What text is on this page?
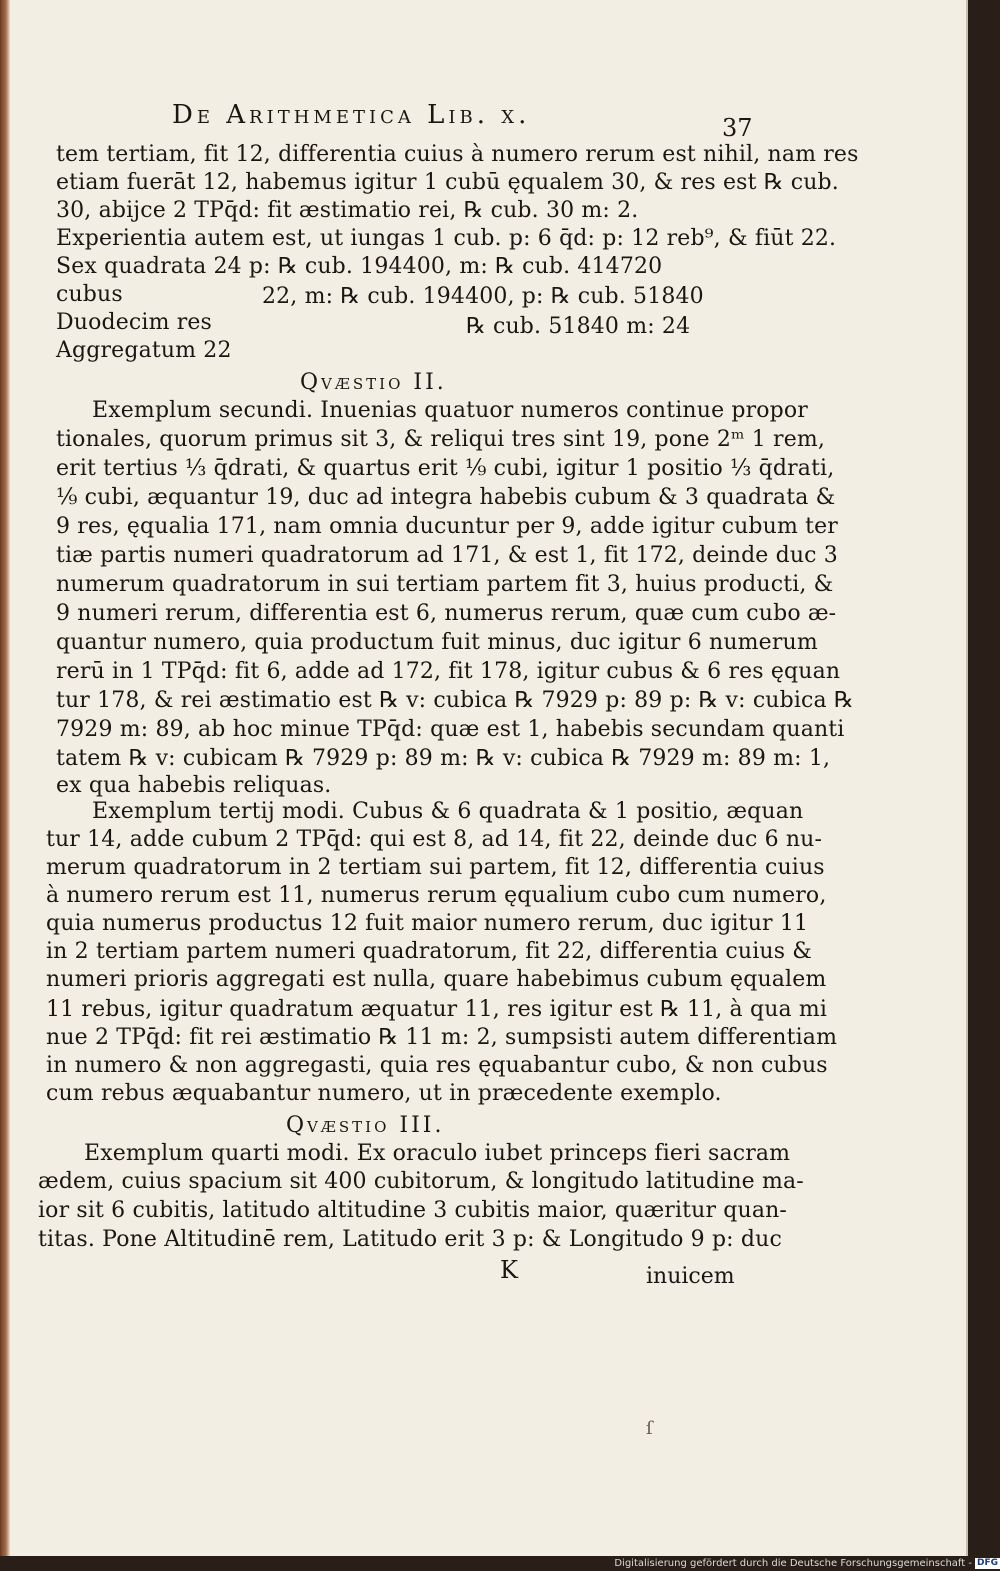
De Arithmetica Lib. x.	37
tem tertiam, fit 12, differentia cuius à numero rerum est nihil, nam res
etiam fuerāt 12, habemus igitur 1 cubū ęqualem 30, & res est ℞ cub.
30, abijce 2 TPq̄d: fit æstimatio rei, ℞ cub. 30 m: 2.
Experientia autem est, ut iungas 1 cub. p: 6 q̄d: p: 12 reb⁹, & fiūt 22.
Sex quadrata 24 p: ℞ cub. 194400, m: ℞ cub. 414720
cubus	22, m: ℞ cub. 194400, p: ℞ cub. 51840
Duodecim res	℞ cub. 51840 m: 24
Aggregatum 22
Qvæstio II.
Exemplum secundi. Inuenias quatuor numeros continue propor
tionales, quorum primus sit 3, & reliqui tres sint 19, pone 2ᵐ 1 rem,
erit tertius ⅓ q̄drati, & quartus erit ⅑ cubi, igitur 1 positio ⅓ q̄drati,
⅑ cubi, æquantur 19, duc ad integra habebis cubum & 3 quadrata &
9 res, ęqualia 171, nam omnia ducuntur per 9, adde igitur cubum ter
tiæ partis numeri quadratorum ad 171, & est 1, fit 172, deinde duc 3
numerum quadratorum in sui tertiam partem fit 3, huius producti, &
9 numeri rerum, differentia est 6, numerus rerum, quæ cum cubo æ-
quantur numero, quia productum fuit minus, duc igitur 6 numerum
rerū in 1 TPq̄d: fit 6, adde ad 172, fit 178, igitur cubus & 6 res ęquan
tur 178, & rei æstimatio est ℞ v: cubica ℞ 7929 p: 89 p: ℞ v: cubica ℞
7929 m: 89, ab hoc minue TPq̄d: quæ est 1, habebis secundam quanti
tatem ℞ v: cubicam ℞ 7929 p: 89 m: ℞ v: cubica ℞ 7929 m: 89 m: 1,
ex qua habebis reliquas.
Exemplum tertij modi. Cubus & 6 quadrata & 1 positio, æquan
tur 14, adde cubum 2 TPq̄d: qui est 8, ad 14, fit 22, deinde duc 6 nu-
merum quadratorum in 2 tertiam sui partem, fit 12, differentia cuius
à numero rerum est 11, numerus rerum ęqualium cubo cum numero,
quia numerus productus 12 fuit maior numero rerum, duc igitur 11
in 2 tertiam partem numeri quadratorum, fit 22, differentia cuius &
numeri prioris aggregati est nulla, quare habebimus cubum ęqualem
11 rebus, igitur quadratum æquatur 11, res igitur est ℞ 11, à qua mi
nue 2 TPq̄d: fit rei æstimatio ℞ 11 m: 2, sumpsisti autem differentiam
in numero & non aggregasti, quia res ęquabantur cubo, & non cubus
cum rebus æquabantur numero, ut in præcedente exemplo.
Qvæstio III.
Exemplum quarti modi. Ex oraculo iubet princeps fieri sacram
ædem, cuius spacium sit 400 cubitorum, & longitudo latitudine ma-
ior sit 6 cubitis, latitudo altitudine 3 cubitis maior, quæritur quan-
titas. Pone Altitudinē rem, Latitudo erit 3 p: & Longitudo 9 p: duc
K	inuicem
ſ
Digitalisierung gefördert durch die Deutsche Forschungsgemeinschaft - DFG
